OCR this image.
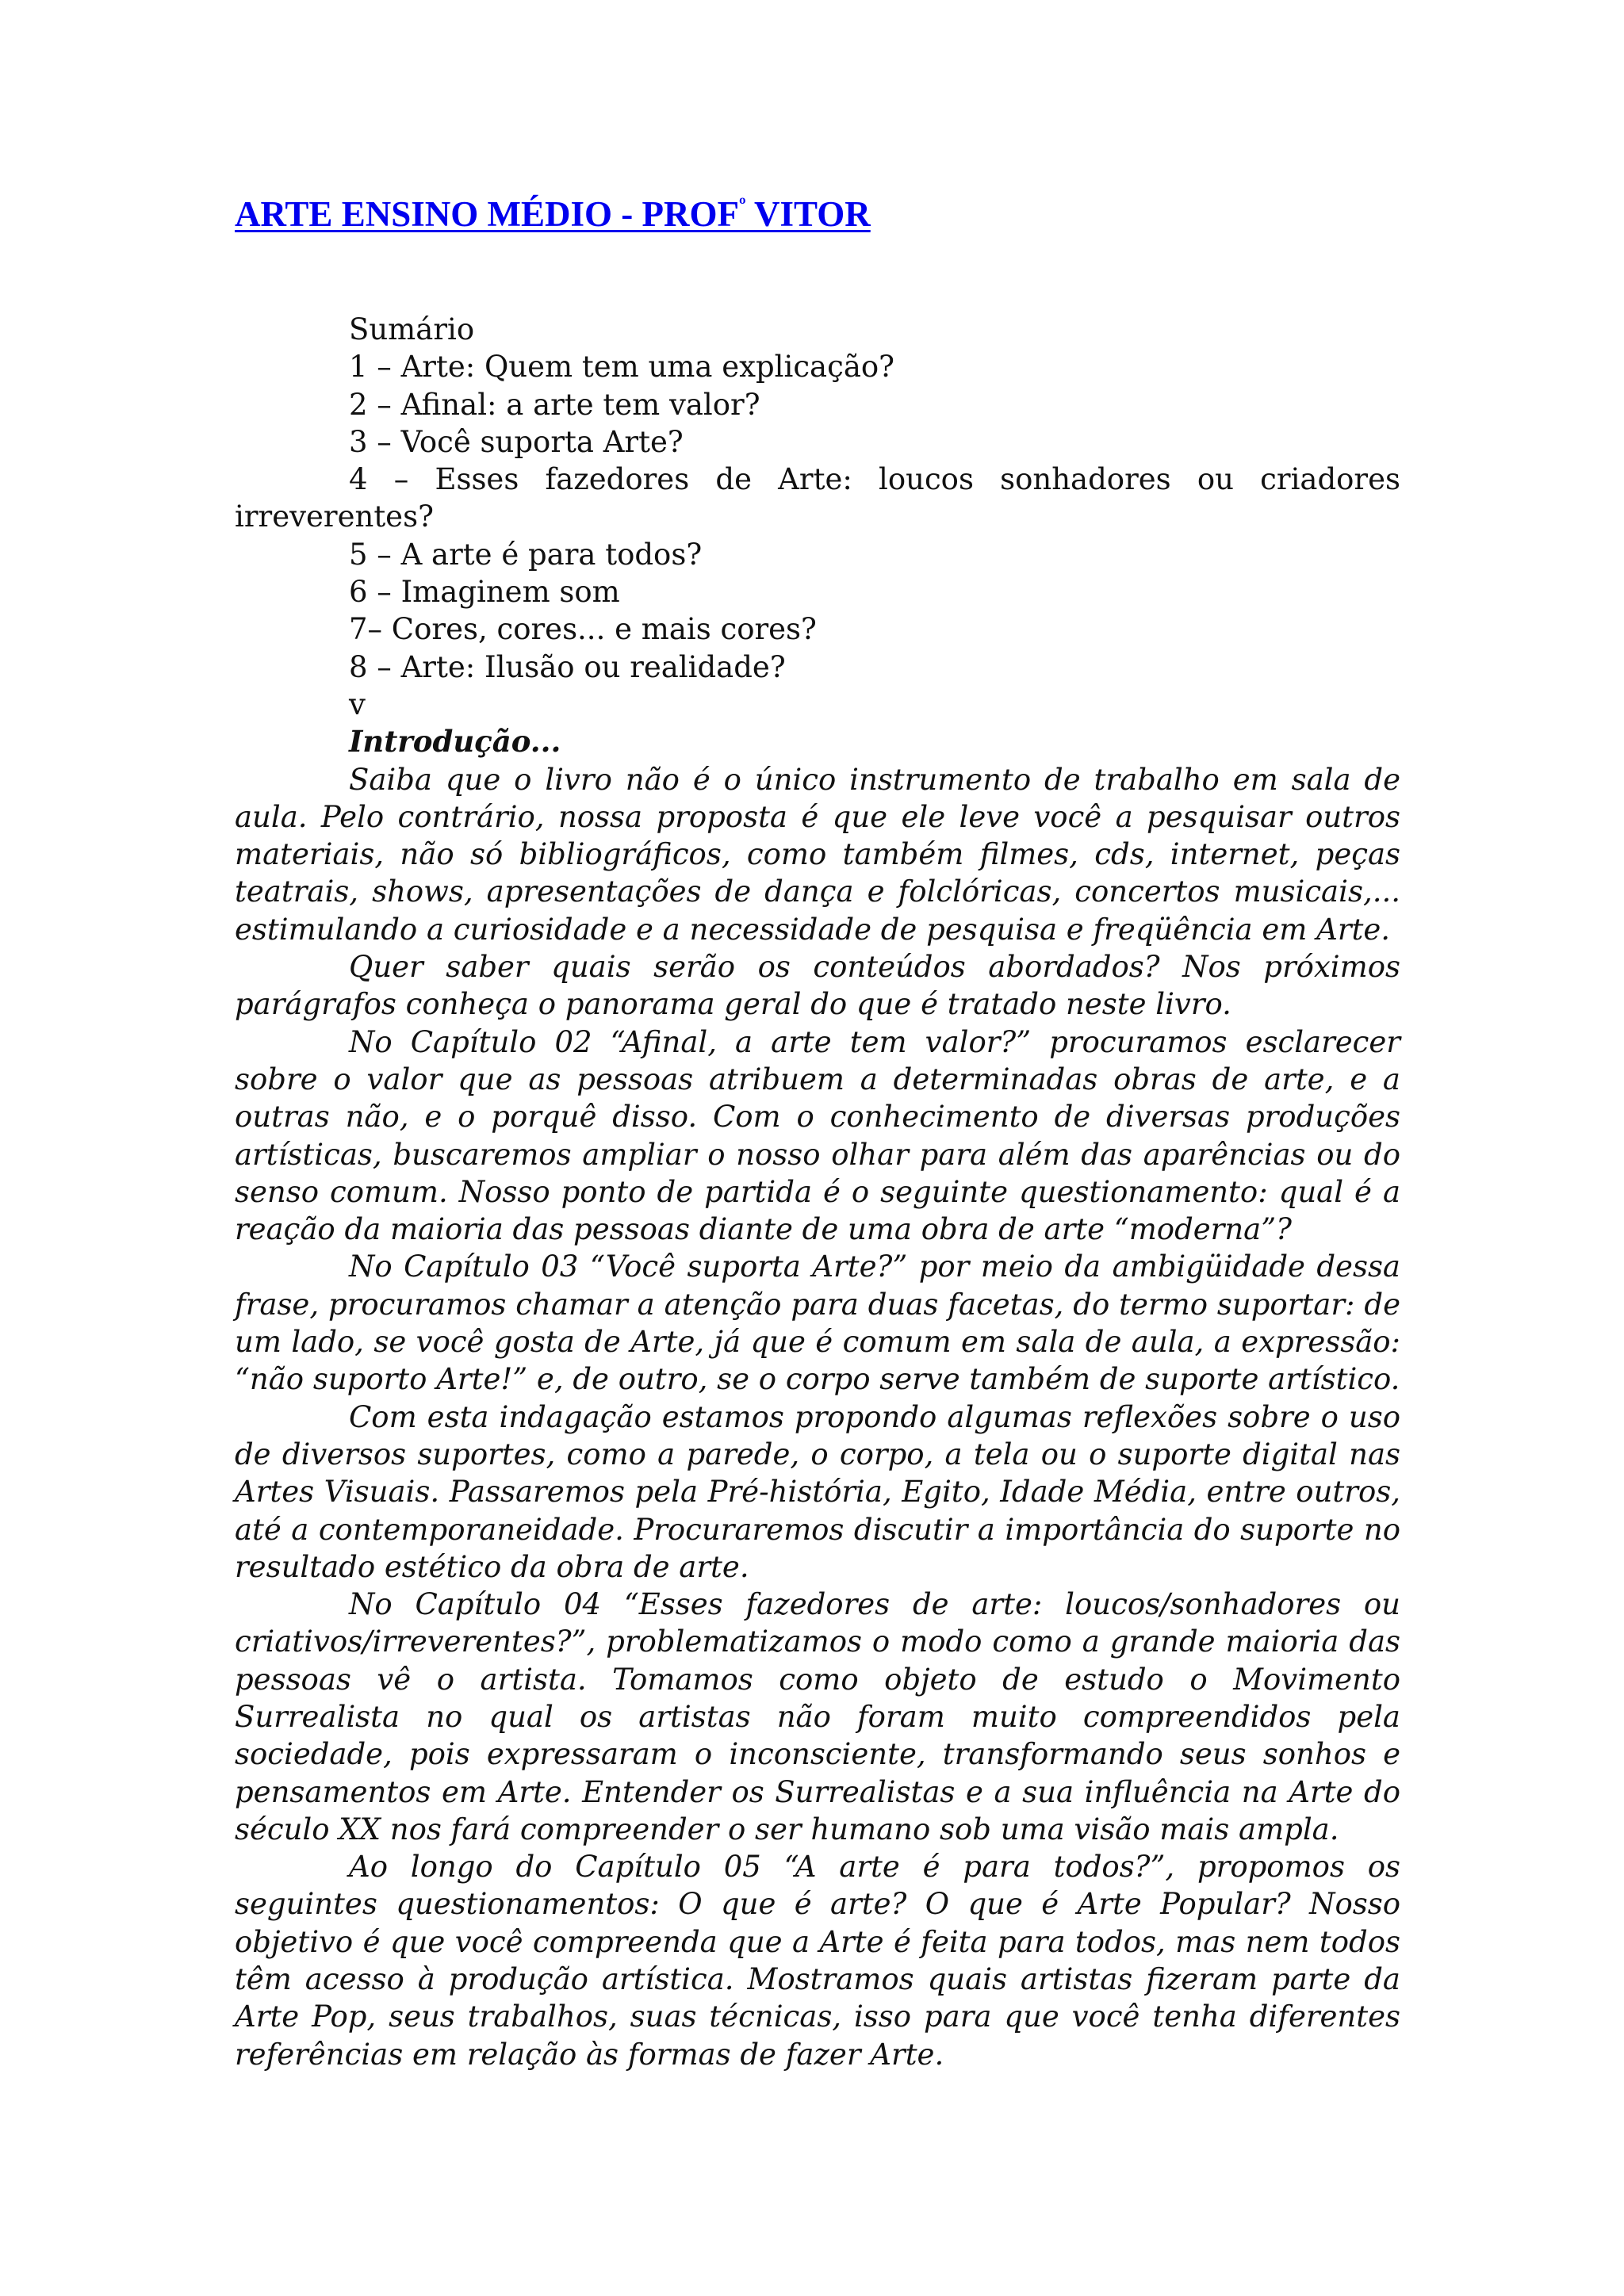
ARTE ENSINO MÉDIO - $PROF^º$ VITOR

Sumário

1 – Arte: Quem tem uma explicação?

2 – Afinal: a arte tem valor?

3 – Você suporta Arte?

4 – Esses fazedores de Arte: loucos sonhadores ou criadores irreverentes?

5 – A arte é para todos?

6 – Imaginem som

7– Cores, cores... e mais cores?

8 – Arte: Ilusão ou realidade?

v

Introdução...

Saiba que o livro não é o único instrumento de trabalho em sala de aula. Pelo contrário, nossa proposta é que ele leve você a pesquisar outros materiais, não só bibliográficos, como também filmes, cds, internet, peças teatrais, shows, apresentações de dança e folclóricas, concertos musicais,... estimulando a curiosidade e a necessidade de pesquisa e freqüência em Arte.

Quer saber quais serão os conteúdos abordados? Nos próximos parágrafos conheça o panorama geral do que é tratado neste livro.

No Capítulo 02 “Afinal, a arte tem valor?” procuramos esclarecer sobre o valor que as pessoas atribuem a determinadas obras de arte, e a outras não, e o porquê disso. Com o conhecimento de diversas produções artísticas, buscaremos ampliar o nosso olhar para além das aparências ou do senso comum. Nosso ponto de partida é o seguinte questionamento: qual é a reação da maioria das pessoas diante de uma obra de arte “moderna”?

No Capítulo 03 “Você suporta Arte?” por meio da ambigüidade dessa frase, procuramos chamar a atenção para duas facetas, do termo suportar: de um lado, se você gosta de Arte, já que é comum em sala de aula, a expressão: “não suporto Arte!” e, de outro, se o corpo serve também de suporte artístico.

Com esta indagação estamos propondo algumas reflexões sobre o uso de diversos suportes, como a parede, o corpo, a tela ou o suporte digital nas Artes Visuais. Passaremos pela Pré-história, Egito, Idade Média, entre outros, até a contemporaneidade. Procuraremos discutir a importância do suporte no resultado estético da obra de arte.

No Capítulo 04 “Esses fazedores de arte: loucos/sonhadores ou criativos/irreverentes?”, problematizamos o modo como a grande maioria das pessoas vê o artista. Tomamos como objeto de estudo o Movimento Surrealista no qual os artistas não foram muito compreendidos pela sociedade, pois expressaram o inconsciente, transformando seus sonhos e pensamentos em Arte. Entender os Surrealistas e a sua influência na Arte do século XX nos fará compreender o ser humano sob uma visão mais ampla.

Ao longo do Capítulo 05 “A arte é para todos?”, propomos os seguintes questionamentos: O que é arte? O que é Arte Popular? Nosso objetivo é que você compreenda que a Arte é feita para todos, mas nem todos têm acesso à produção artística. Mostramos quais artistas fizeram parte da Arte Pop, seus trabalhos, suas técnicas, isso para que você tenha diferentes referências em relação às formas de fazer Arte.
